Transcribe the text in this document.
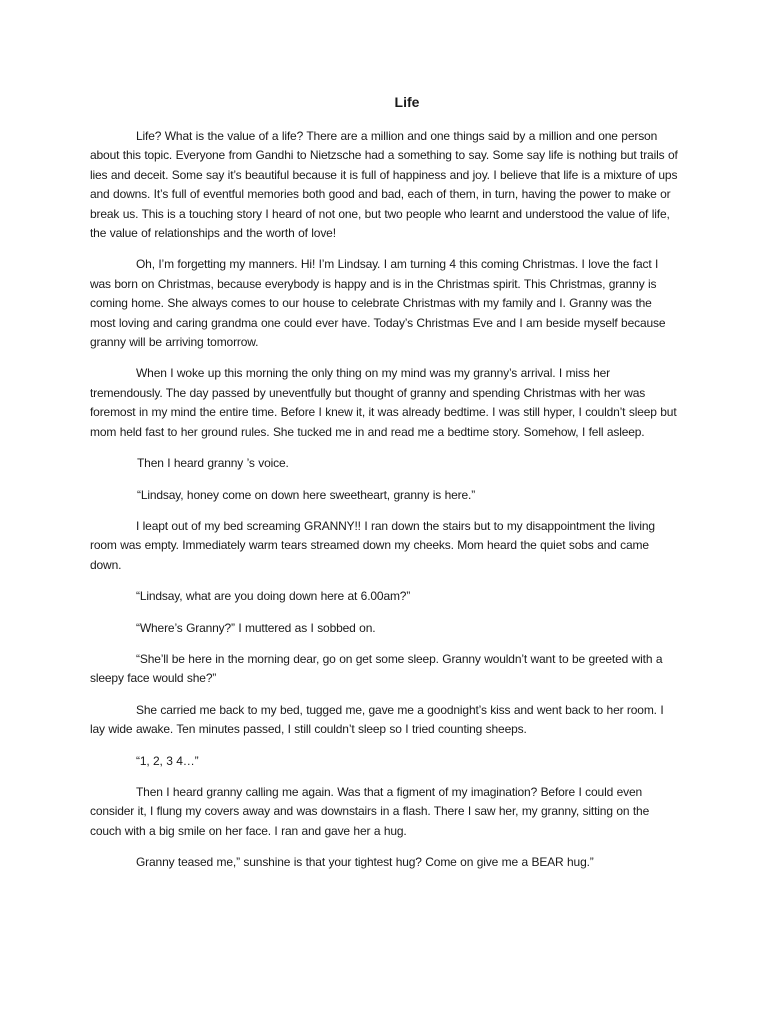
Life

Life? What is the value of a life? There are a million and one things said by a million and one person about this topic. Everyone from Gandhi to Nietzsche had a something to say. Some say life is nothing but trails of lies and deceit. Some say it’s beautiful because it is full of happiness and joy. I believe that life is a mixture of ups and downs. It’s full of eventful memories both good and bad, each of them, in turn, having the power to make or break us. This is a touching story I heard of not one, but two people who learnt and understood the value of life, the value of relationships and the worth of love!

Oh, I’m forgetting my manners. Hi! I’m Lindsay. I am turning 4 this coming Christmas. I love the fact I was born on Christmas, because everybody is happy and is in the Christmas spirit. This Christmas, granny is coming home. She always comes to our house to celebrate Christmas with my family and I. Granny was the most loving and caring grandma one could ever have. Today’s Christmas Eve and I am beside myself because granny will be arriving tomorrow.

When I woke up this morning the only thing on my mind was my granny’s arrival. I miss her tremendously. The day passed by uneventfully but thought of granny and spending Christmas with her was foremost in my mind the entire time. Before I knew it, it was already bedtime. I was still hyper, I couldn’t sleep but mom held fast to her ground rules. She tucked me in and read me a bedtime story. Somehow, I fell asleep.

Then I heard granny ’s voice.

“Lindsay, honey come on down here sweetheart, granny is here.”

I leapt out of my bed screaming GRANNY!! I ran down the stairs but to my disappointment the living room was empty. Immediately warm tears streamed down my cheeks. Mom heard the quiet sobs and came down.

“Lindsay, what are you doing down here at 6.00am?”

“Where’s Granny?” I muttered as I sobbed on.

“She’ll be here in the morning dear, go on get some sleep. Granny wouldn’t want to be greeted with a sleepy face would she?”

She carried me back to my bed, tugged me, gave me a goodnight’s kiss and went back to her room. I lay wide awake. Ten minutes passed, I still couldn’t sleep so I tried counting sheeps.

“1, 2, 3 4…”

Then I heard granny calling me again. Was that a figment of my imagination? Before I could even consider it, I flung my covers away and was downstairs in a flash. There I saw her, my granny, sitting on the couch with a big smile on her face. I ran and gave her a hug.

Granny teased me,” sunshine is that your tightest hug? Come on give me a BEAR hug.”
